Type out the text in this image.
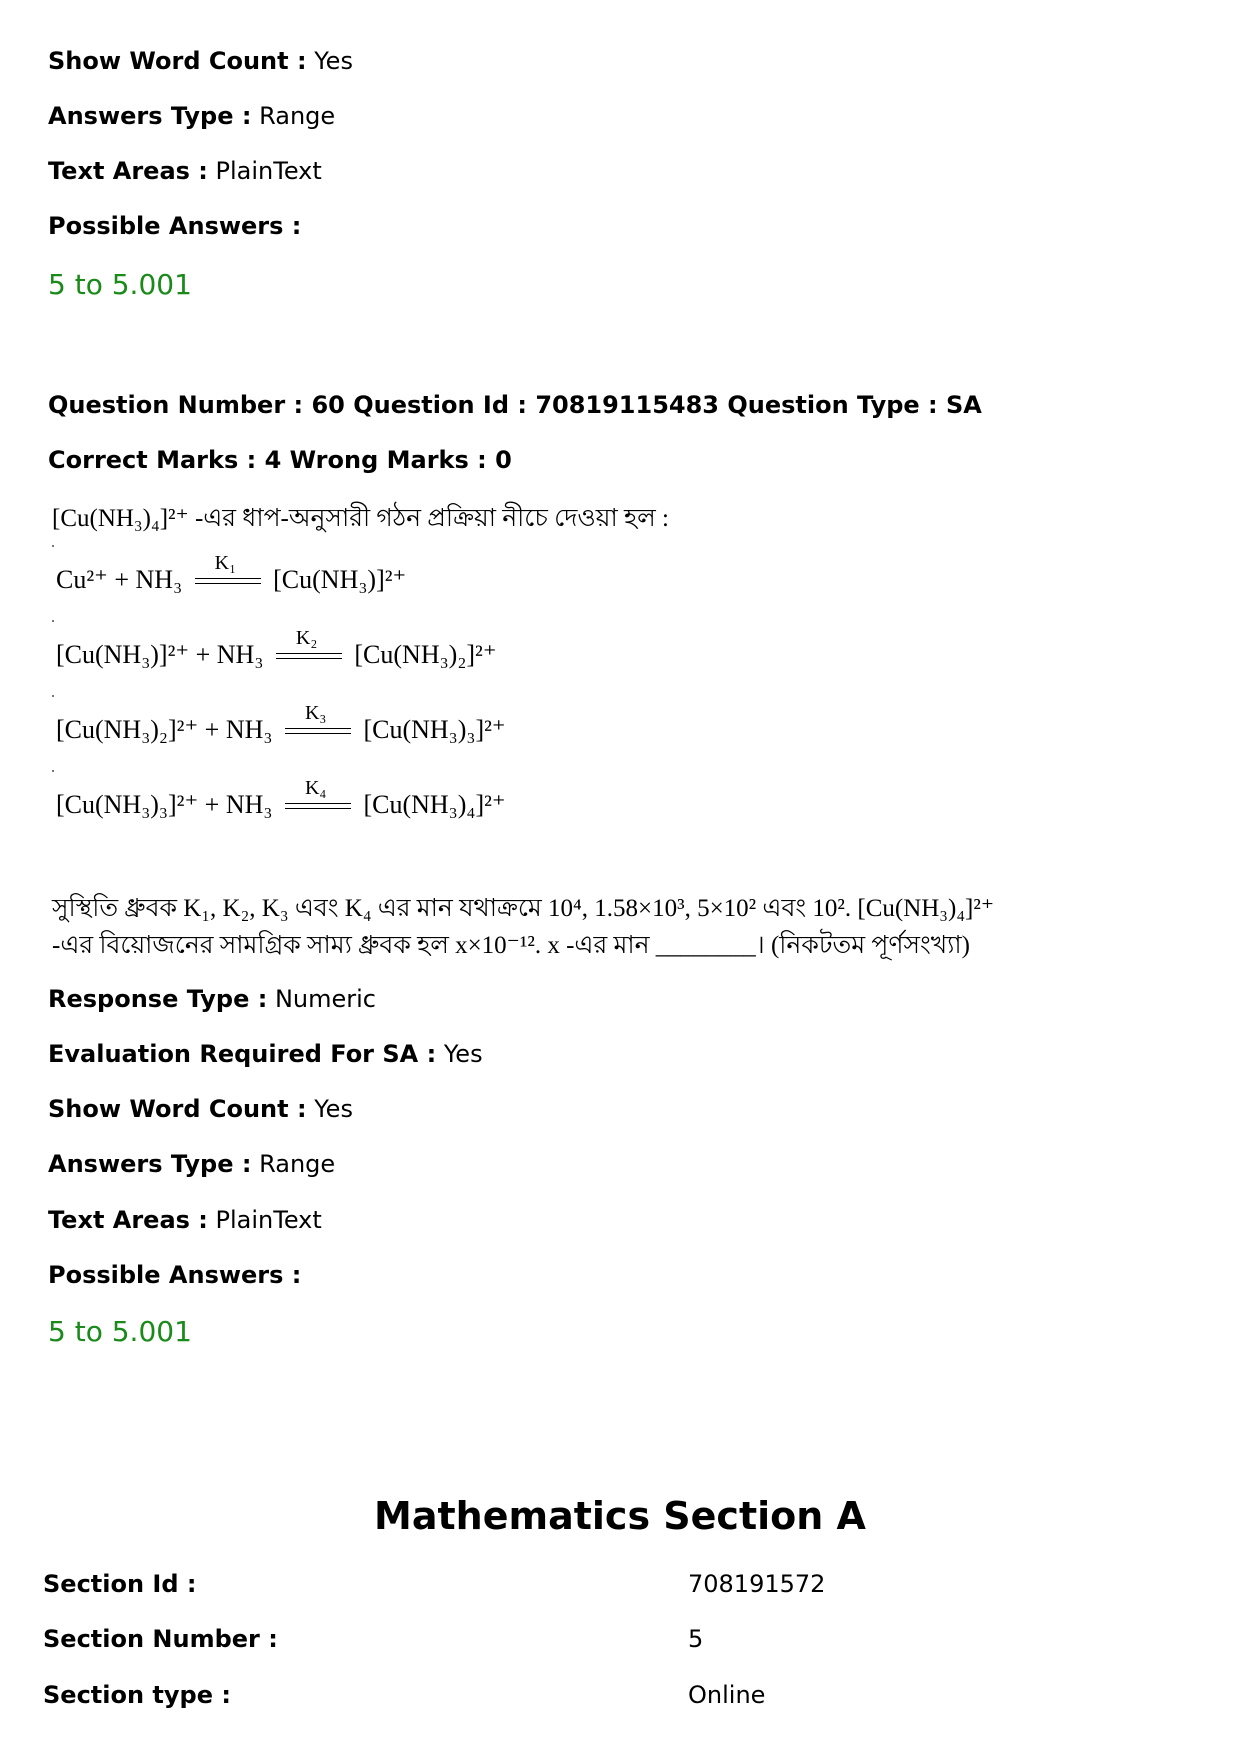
Show Word Count : Yes
Answers Type : Range
Text Areas : PlainText
Possible Answers :
5 to 5.001
Question Number : 60 Question Id : 70819115483 Question Type : SA
Correct Marks : 4 Wrong Marks : 0
[Cu(NH₃)₄]²⁺ -এর ধাপ-অনুসারী গঠন প্রক্রিয়া নীচে দেওয়া হল :
Cu²⁺ + NH₃
K₁
[Cu(NH₃)]²⁺
[Cu(NH₃)]²⁺ + NH₃
K₂
[Cu(NH₃)₂]²⁺
[Cu(NH₃)₂]²⁺ + NH₃
K₃
[Cu(NH₃)₃]²⁺
[Cu(NH₃)₃]²⁺ + NH₃
K₄
[Cu(NH₃)₄]²⁺
সুস্থিতি ধ্রুবক K₁, K₂, K₃ এবং K₄ এর মান যথাক্রমে 10⁴, 1.58×10³, 5×10² এবং 10². [Cu(NH₃)₄]²⁺
-এর বিয়োজনের সামগ্রিক সাম্য ধ্রুবক হল x×10⁻¹². x -এর মান ________। (নিকটতম পূর্ণসংখ্যা)
Response Type : Numeric
Evaluation Required For SA : Yes
Show Word Count : Yes
Answers Type : Range
Text Areas : PlainText
Possible Answers :
5 to 5.001
Mathematics Section A
Section Id :	708191572
Section Number :	5
Section type :	Online
